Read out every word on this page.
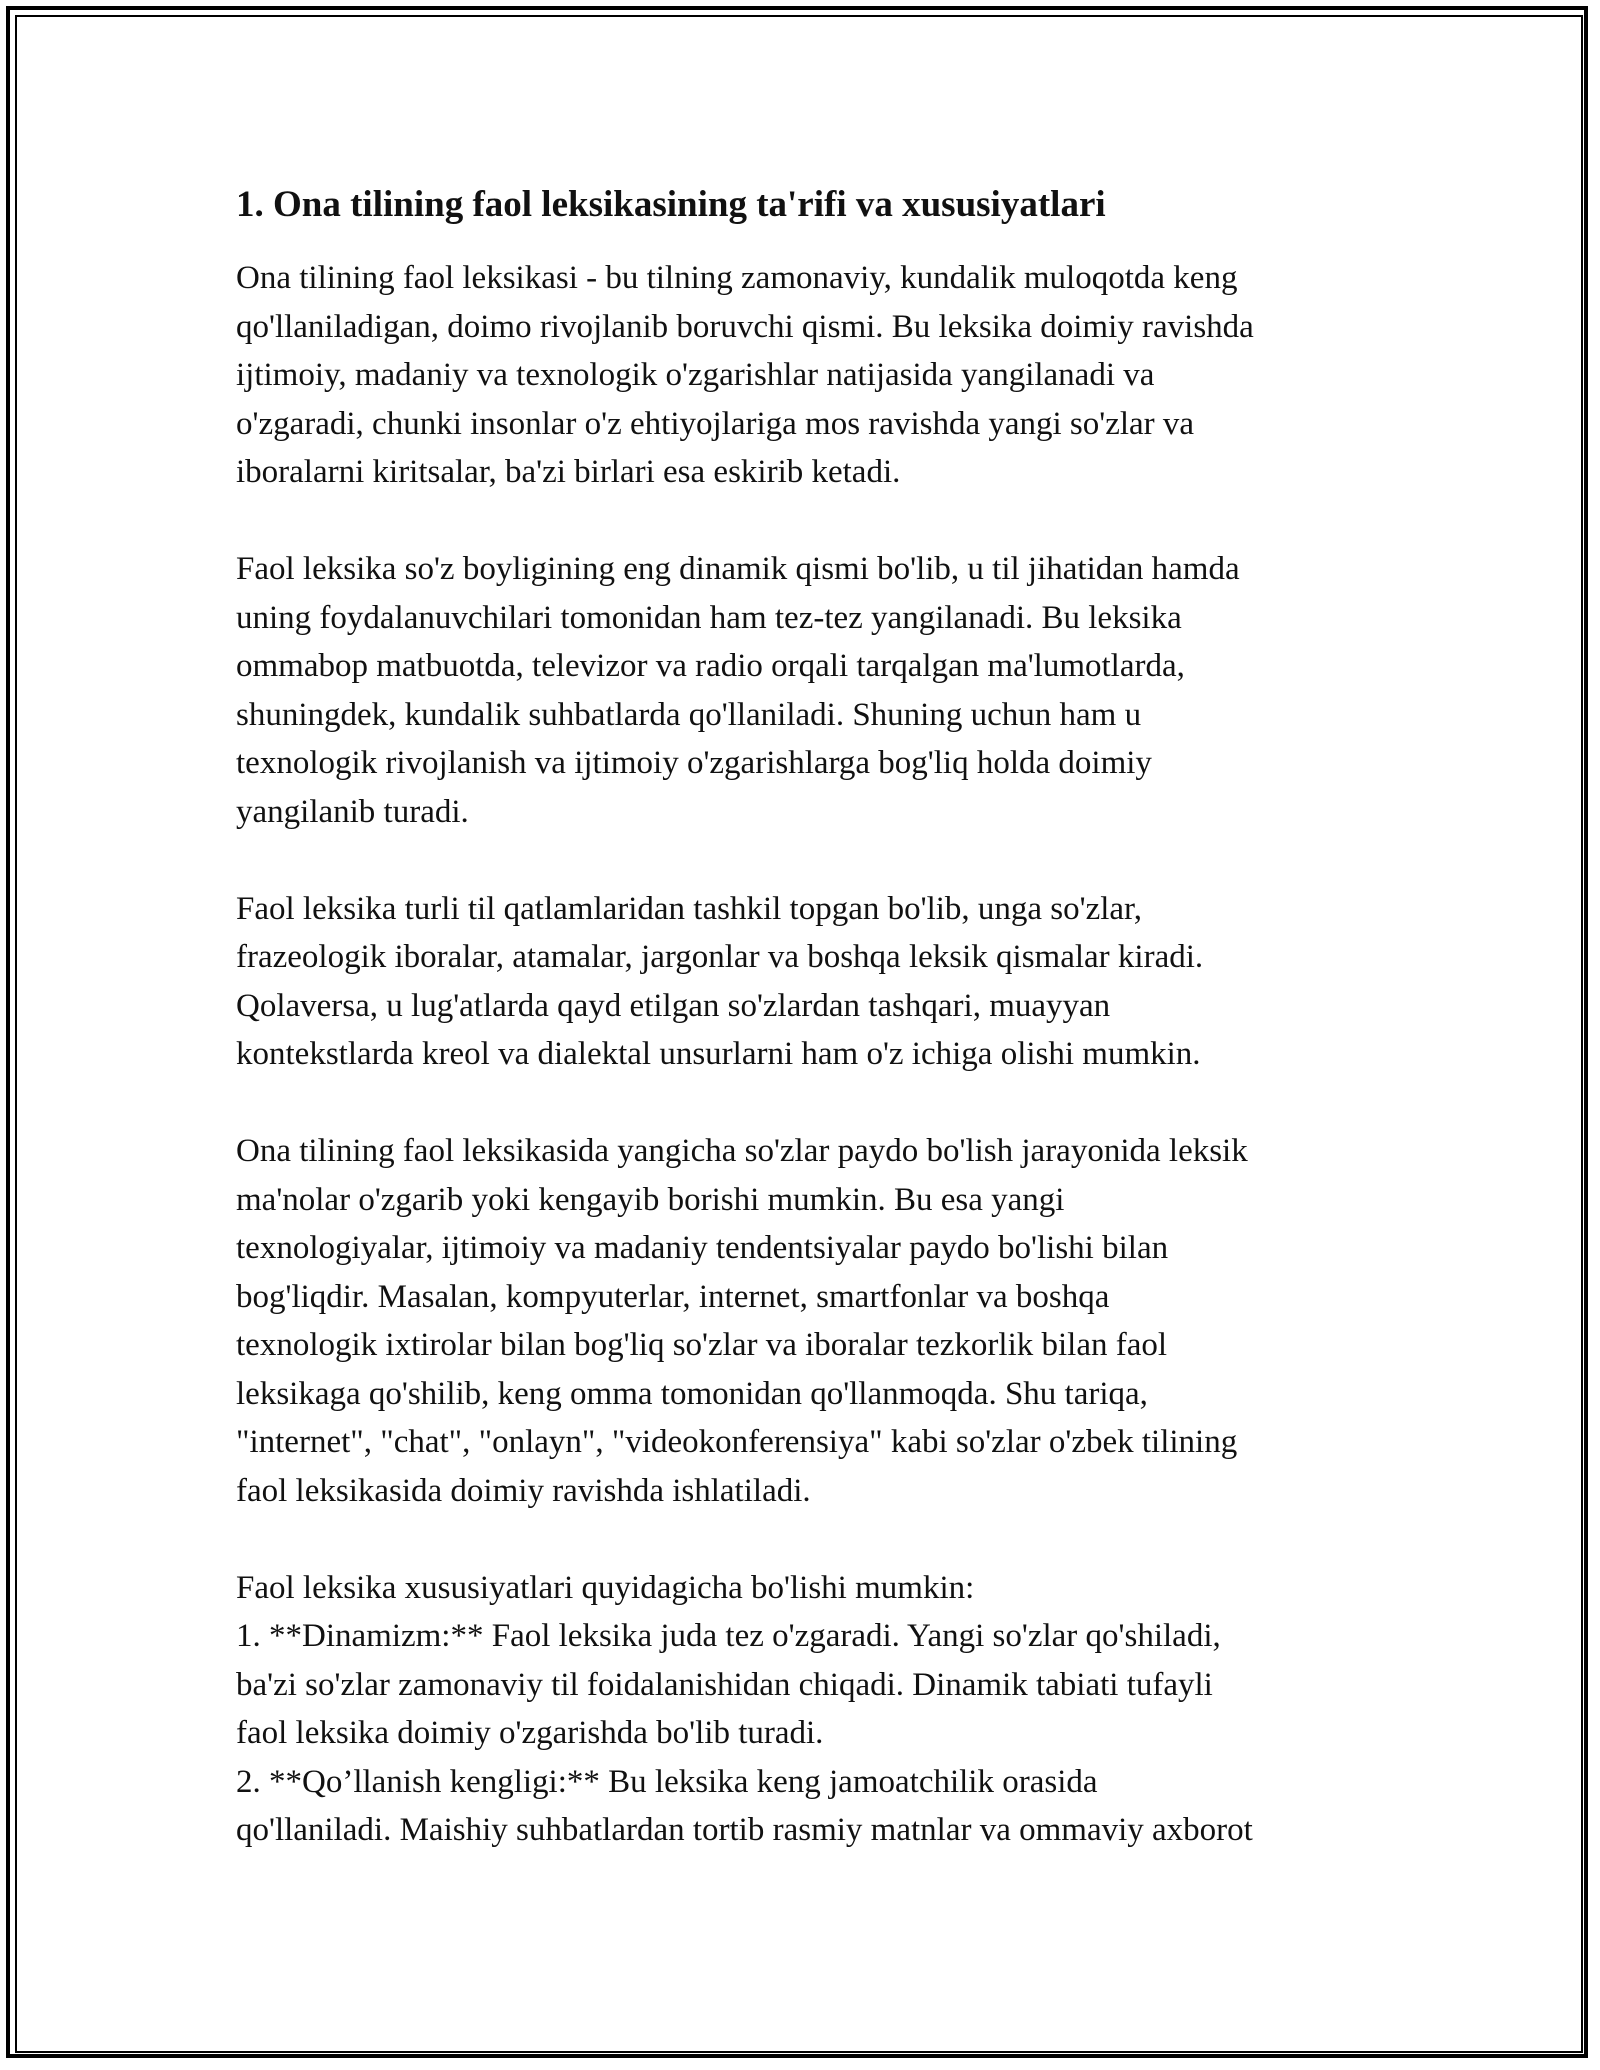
1. Ona tilining faol leksikasining ta'rifi va xususiyatlari

Ona tilining faol leksikasi - bu tilning zamonaviy, kundalik muloqotda keng
qo'llaniladigan, doimo rivojlanib boruvchi qismi. Bu leksika doimiy ravishda
ijtimoiy, madaniy va texnologik o'zgarishlar natijasida yangilanadi va
o'zgaradi, chunki insonlar o'z ehtiyojlariga mos ravishda yangi so'zlar va
iboralarni kiritsalar, ba'zi birlari esa eskirib ketadi.

Faol leksika so'z boyligining eng dinamik qismi bo'lib, u til jihatidan hamda
uning foydalanuvchilari tomonidan ham tez-tez yangilanadi. Bu leksika
ommabop matbuotda, televizor va radio orqali tarqalgan ma'lumotlarda,
shuningdek, kundalik suhbatlarda qo'llaniladi. Shuning uchun ham u
texnologik rivojlanish va ijtimoiy o'zgarishlarga bog'liq holda doimiy
yangilanib turadi.

Faol leksika turli til qatlamlaridan tashkil topgan bo'lib, unga so'zlar,
frazeologik iboralar, atamalar, jargonlar va boshqa leksik qismalar kiradi.
Qolaversa, u lug'atlarda qayd etilgan so'zlardan tashqari, muayyan
kontekstlarda kreol va dialektal unsurlarni ham o'z ichiga olishi mumkin.

Ona tilining faol leksikasida yangicha so'zlar paydo bo'lish jarayonida leksik
ma'nolar o'zgarib yoki kengayib borishi mumkin. Bu esa yangi
texnologiyalar, ijtimoiy va madaniy tendentsiyalar paydo bo'lishi bilan
bog'liqdir. Masalan, kompyuterlar, internet, smartfonlar va boshqa
texnologik ixtirolar bilan bog'liq so'zlar va iboralar tezkorlik bilan faol
leksikaga qo'shilib, keng omma tomonidan qo'llanmoqda. Shu tariqa,
"internet", "chat", "onlayn", "videokonferensiya" kabi so'zlar o'zbek tilining
faol leksikasida doimiy ravishda ishlatiladi.

Faol leksika xususiyatlari quyidagicha bo'lishi mumkin:
1. **Dinamizm:** Faol leksika juda tez o'zgaradi. Yangi so'zlar qo'shiladi,
ba'zi so'zlar zamonaviy til foidalanishidan chiqadi. Dinamik tabiati tufayli
faol leksika doimiy o'zgarishda bo'lib turadi.
2. **Qo’llanish kengligi:** Bu leksika keng jamoatchilik orasida
qo'llaniladi. Maishiy suhbatlardan tortib rasmiy matnlar va ommaviy axborot
